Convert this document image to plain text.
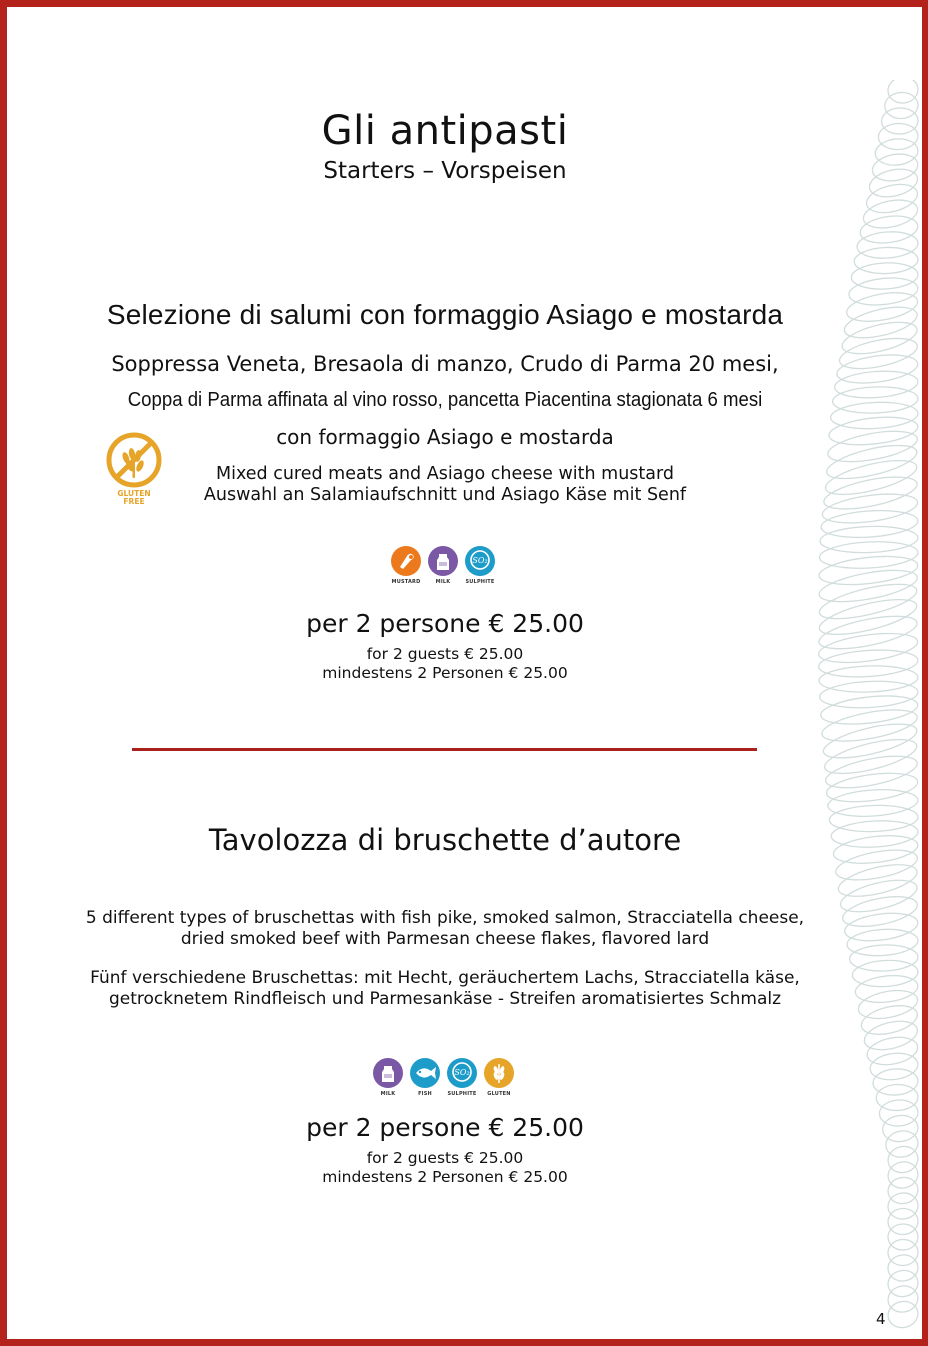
Gli antipasti
Starters – Vorspeisen
Selezione di salumi con formaggio Asiago e mostarda
Soppressa Veneta, Bresaola di manzo, Crudo di Parma 20 mesi,
Coppa di Parma affinata al vino rosso, pancetta Piacentina stagionata 6 mesi
con formaggio Asiago e mostarda
Mixed cured meats and Asiago cheese with mustard
Auswahl an Salamiaufschnitt und Asiago Käse mit Senf
GLUTEN
FREE
MUSTARD	MILK
SO₂
SULPHITE
per 2 persone € 25.00
for 2 guests € 25.00
mindestens 2 Personen € 25.00
Tavolozza di bruschette d’autore
5 different types of bruschettas with fish pike, smoked salmon, Stracciatella cheese,
dried smoked beef with Parmesan cheese flakes, flavored lard
Fünf verschiedene Bruschettas: mit Hecht, geräuchertem Lachs, Stracciatella käse,
getrocknetem Rindfleisch und Parmesankäse - Streifen aromatisiertes Schmalz
MILK	FISH
SO₂
SULPHITE GLUTEN
per 2 persone € 25.00
for 2 guests € 25.00
mindestens 2 Personen € 25.00
4
